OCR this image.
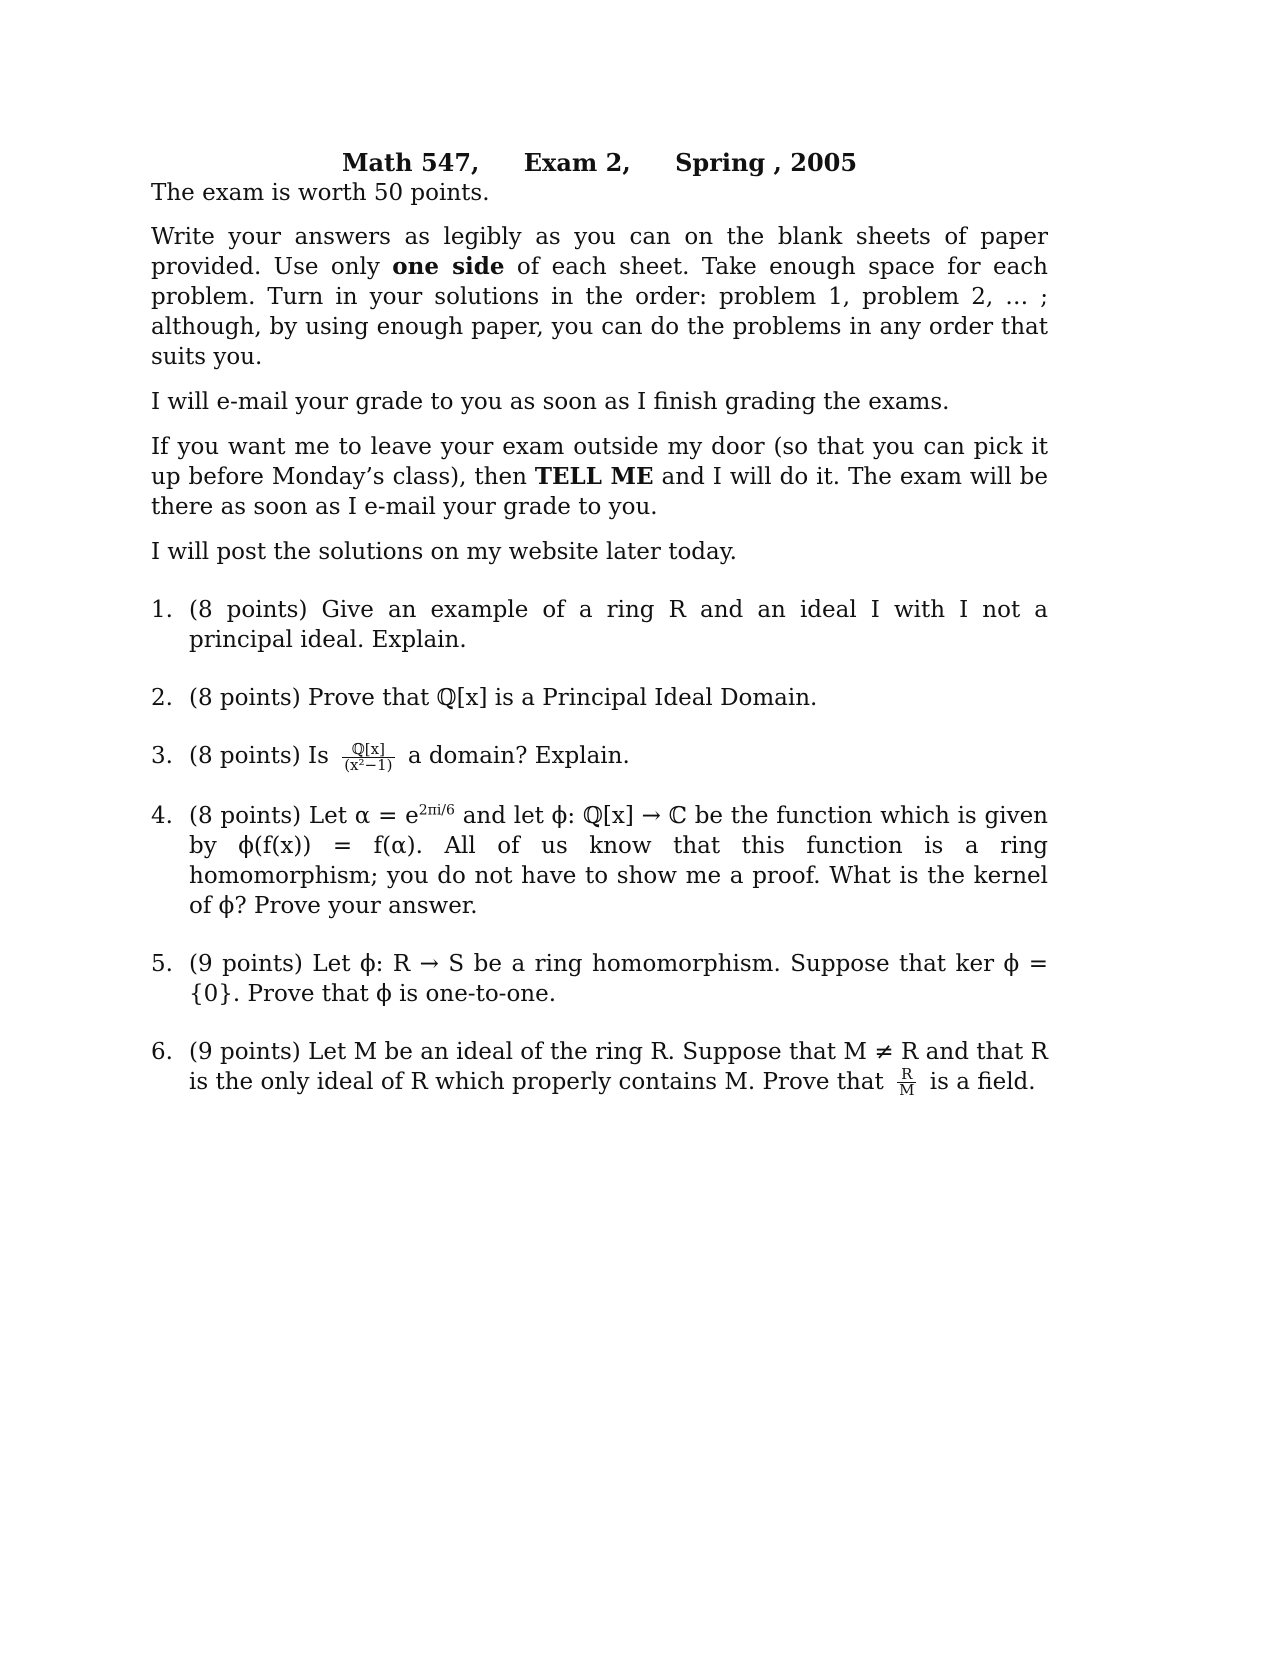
Math 547, Exam 2, Spring , 2005

The exam is worth 50 points.

Write your answers as legibly as you can on the blank sheets of paper provided. Use only one side of each sheet. Take enough space for each problem. Turn in your solutions in the order: problem 1, problem 2, … ; although, by using enough paper, you can do the problems in any order that suits you.

I will e-mail your grade to you as soon as I finish grading the exams.

If you want me to leave your exam outside my door (so that you can pick it up before Monday’s class), then TELL ME and I will do it. The exam will be there as soon as I e-mail your grade to you.

I will post the solutions on my website later today.

1. (8 points) Give an example of a ring R and an ideal I with I not a principal ideal. Explain.
2. (8 points) Prove that ℚ[x] is a Principal Ideal Domain.
3. (8 points) Is $\frac{\text{ℚ[x]}}{\text{(x²−1)}}$ a domain? Explain.
4. (8 points) Let $\alpha = e^{2\pi i/6}$ and let ϕ: ℚ[x] → ℂ be the function which is given by ϕ(f(x)) = f(α). All of us know that this function is a ring homomorphism; you do not have to show me a proof. What is the kernel of ϕ? Prove your answer.
5. (9 points) Let ϕ: R → S be a ring homomorphism. Suppose that ker ϕ = {0}. Prove that ϕ is one-to-one.
6. (9 points) Let M be an ideal of the ring R. Suppose that M ≠ R and that R is the only ideal of R which properly contains M. Prove that $\frac{R}{M}$ is a field.
